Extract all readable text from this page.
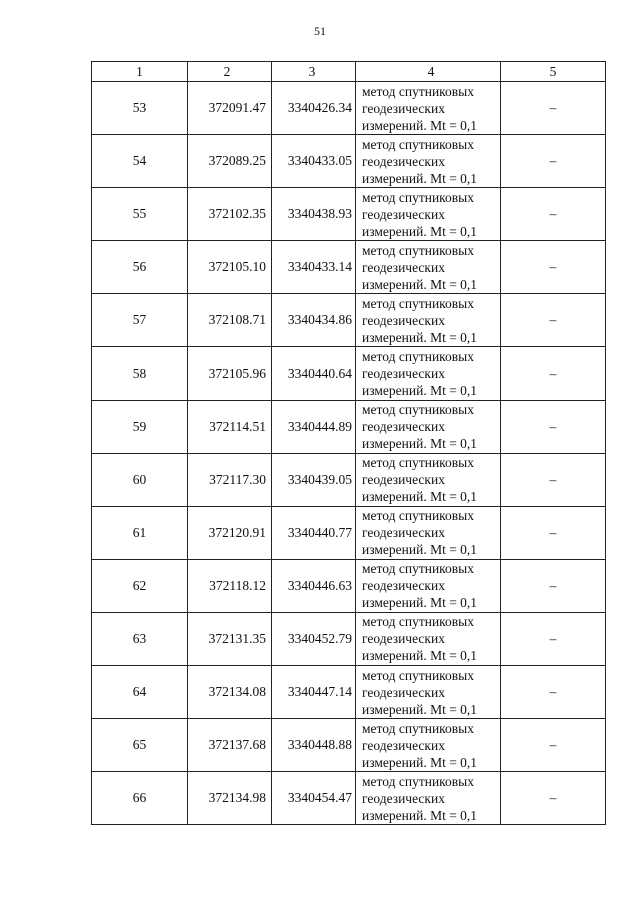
51
1	2	3	4	5
53	372091.47	3340426.34	метод спутниковых
геодезических
измерений. Mt = 0,1	–
54	372089.25	3340433.05	метод спутниковых
геодезических
измерений. Mt = 0,1	–
55	372102.35	3340438.93	метод спутниковых
геодезических
измерений. Mt = 0,1	–
56	372105.10	3340433.14	метод спутниковых
геодезических
измерений. Mt = 0,1	–
57	372108.71	3340434.86	метод спутниковых
геодезических
измерений. Mt = 0,1	–
58	372105.96	3340440.64	метод спутниковых
геодезических
измерений. Mt = 0,1	–
59	372114.51	3340444.89	метод спутниковых
геодезических
измерений. Mt = 0,1	–
60	372117.30	3340439.05	метод спутниковых
геодезических
измерений. Mt = 0,1	–
61	372120.91	3340440.77	метод спутниковых
геодезических
измерений. Mt = 0,1	–
62	372118.12	3340446.63	метод спутниковых
геодезических
измерений. Mt = 0,1	–
63	372131.35	3340452.79	метод спутниковых
геодезических
измерений. Mt = 0,1	–
64	372134.08	3340447.14	метод спутниковых
геодезических
измерений. Mt = 0,1	–
65	372137.68	3340448.88	метод спутниковых
геодезических
измерений. Mt = 0,1	–
66	372134.98	3340454.47	метод спутниковых
геодезических
измерений. Mt = 0,1	–
